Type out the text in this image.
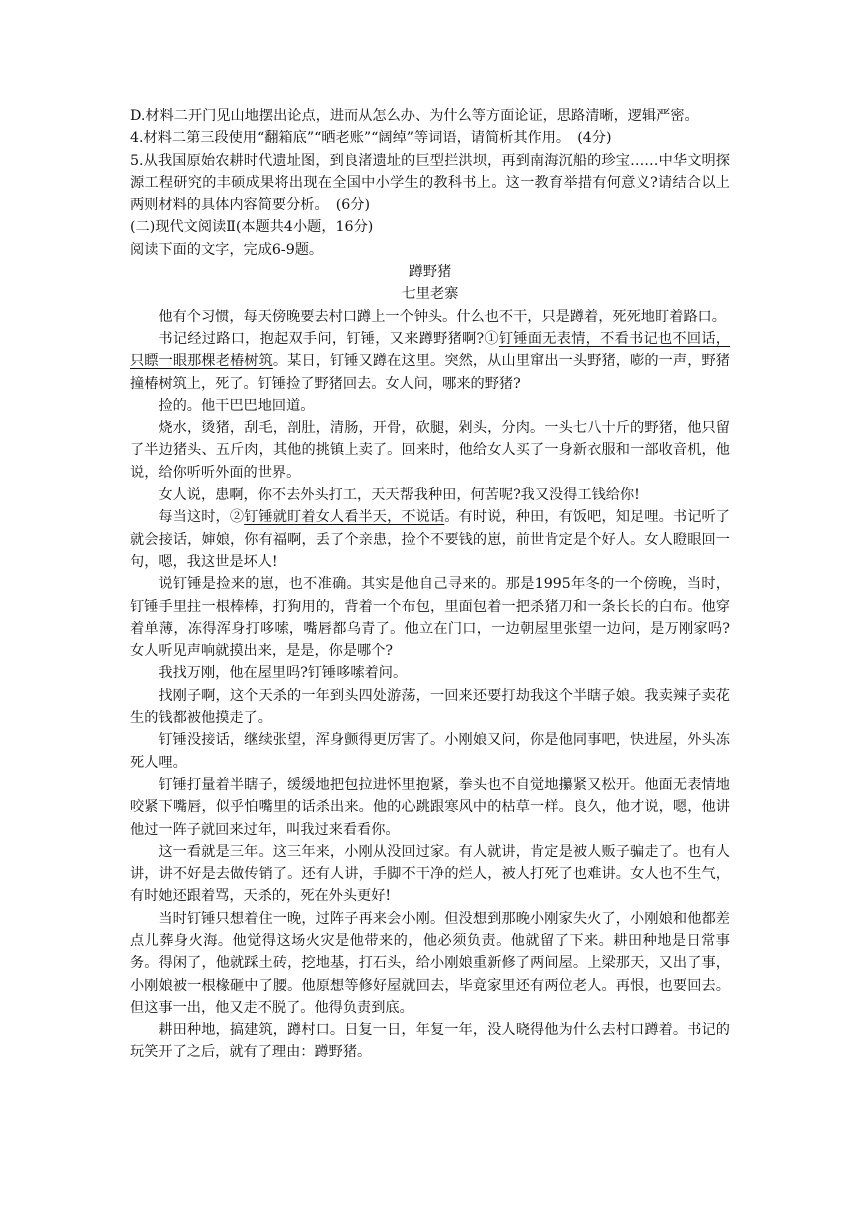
D.材料二开门见山地摆出论点，进而从怎么办、为什么等方面论证，思路清晰，逻辑严密。

4.材料二第三段使用“翻箱底”“晒老账”“阔绰”等词语，请简析其作用。　(4分)

5.从我国原始农耕时代遗址图，到良渚遗址的巨型拦洪坝，再到南海沉船的珍宝……中华文明探源工程研究的丰硕成果将出现在全国中小学生的教科书上。这一教育举措有何意义?请结合以上两则材料的具体内容简要分析。　(6分)

(二)现代文阅读Ⅱ(本题共4小题，16分)

阅读下面的文字，完成6-9题。

蹲野猪

七里老寨

他有个习惯，每天傍晚要去村口蹲上一个钟头。什么也不干，只是蹲着，死死地盯着路口。

书记经过路口，抱起双手问，钉锤，又来蹲野猪啊?①钉锤面无表情，不看书记也不回话，只瞟一眼那棵老椿树筑。某日，钉锤又蹲在这里。突然，从山里窜出一头野猪，嘭的一声，野猪撞椿树筑上，死了。钉锤捡了野猪回去。女人问，哪来的野猪?

捡的。他干巴巴地回道。

烧水，烫猪，刮毛，剖肚，清肠，开骨，砍腿，剁头，分肉。一头七八十斤的野猪，他只留了半边猪头、五斤肉，其他的挑镇上卖了。回来时，他给女人买了一身新衣服和一部收音机，他说，给你听听外面的世界。

女人说，患啊，你不去外头打工，天天帮我种田，何苦呢?我又没得工钱给你!

每当这时，②钉锤就盯着女人看半天，不说话。有时说，种田，有饭吧，知足哩。书记听了就会接话，婶娘，你有福啊，丢了个亲患，捡个不要钱的崽，前世肯定是个好人。女人瞪眼回一句，嗯，我这世是坏人!

说钉锤是捡来的崽，也不准确。其实是他自己寻来的。那是1995年冬的一个傍晚，当时，钉锤手里拄一根棒棒，打狗用的，背着一个布包，里面包着一把杀猪刀和一条长长的白布。他穿着单薄，冻得浑身打哆嗦，嘴唇都乌青了。他立在门口，一边朝屋里张望一边问，是万刚家吗?女人听见声响就摸出来，是是，你是哪个?

我找万刚，他在屋里吗?钉锤哆嗦着问。

找刚子啊，这个天杀的一年到头四处游荡，一回来还要打劫我这个半瞎子娘。我卖辣子卖花生的钱都被他摸走了。

钉锤没接话，继续张望，浑身颤得更厉害了。小刚娘又问，你是他同事吧，快进屋，外头冻死人哩。

钉锤打量着半瞎子，缓缓地把包拉进怀里抱紧，拳头也不自觉地攥紧又松开。他面无表情地咬紧下嘴唇，似乎怕嘴里的话杀出来。他的心跳跟寒风中的枯草一样。良久，他才说，嗯，他讲他过一阵子就回来过年，叫我过来看看你。

这一看就是三年。这三年来，小刚从没回过家。有人就讲，肯定是被人贩子骗走了。也有人讲，讲不好是去做传销了。还有人讲，手脚不干净的烂人，被人打死了也难讲。女人也不生气，有时她还跟着骂，天杀的，死在外头更好!

当时钉锤只想着住一晚，过阵子再来会小刚。但没想到那晚小刚家失火了，小刚娘和他都差点儿葬身火海。他觉得这场火灾是他带来的，他必须负责。他就留了下来。耕田种地是日常事务。得闲了，他就踩土砖，挖地基，打石头，给小刚娘重新修了两间屋。上梁那天，又出了事，小刚娘被一根椽砸中了腰。他原想等修好屋就回去，毕竟家里还有两位老人。再恨，也要回去。但这事一出，他又走不脱了。他得负责到底。

耕田种地，搞建筑，蹲村口。日复一日，年复一年，没人晓得他为什么去村口蹲着。书记的玩笑开了之后，就有了理由：蹲野猪。
